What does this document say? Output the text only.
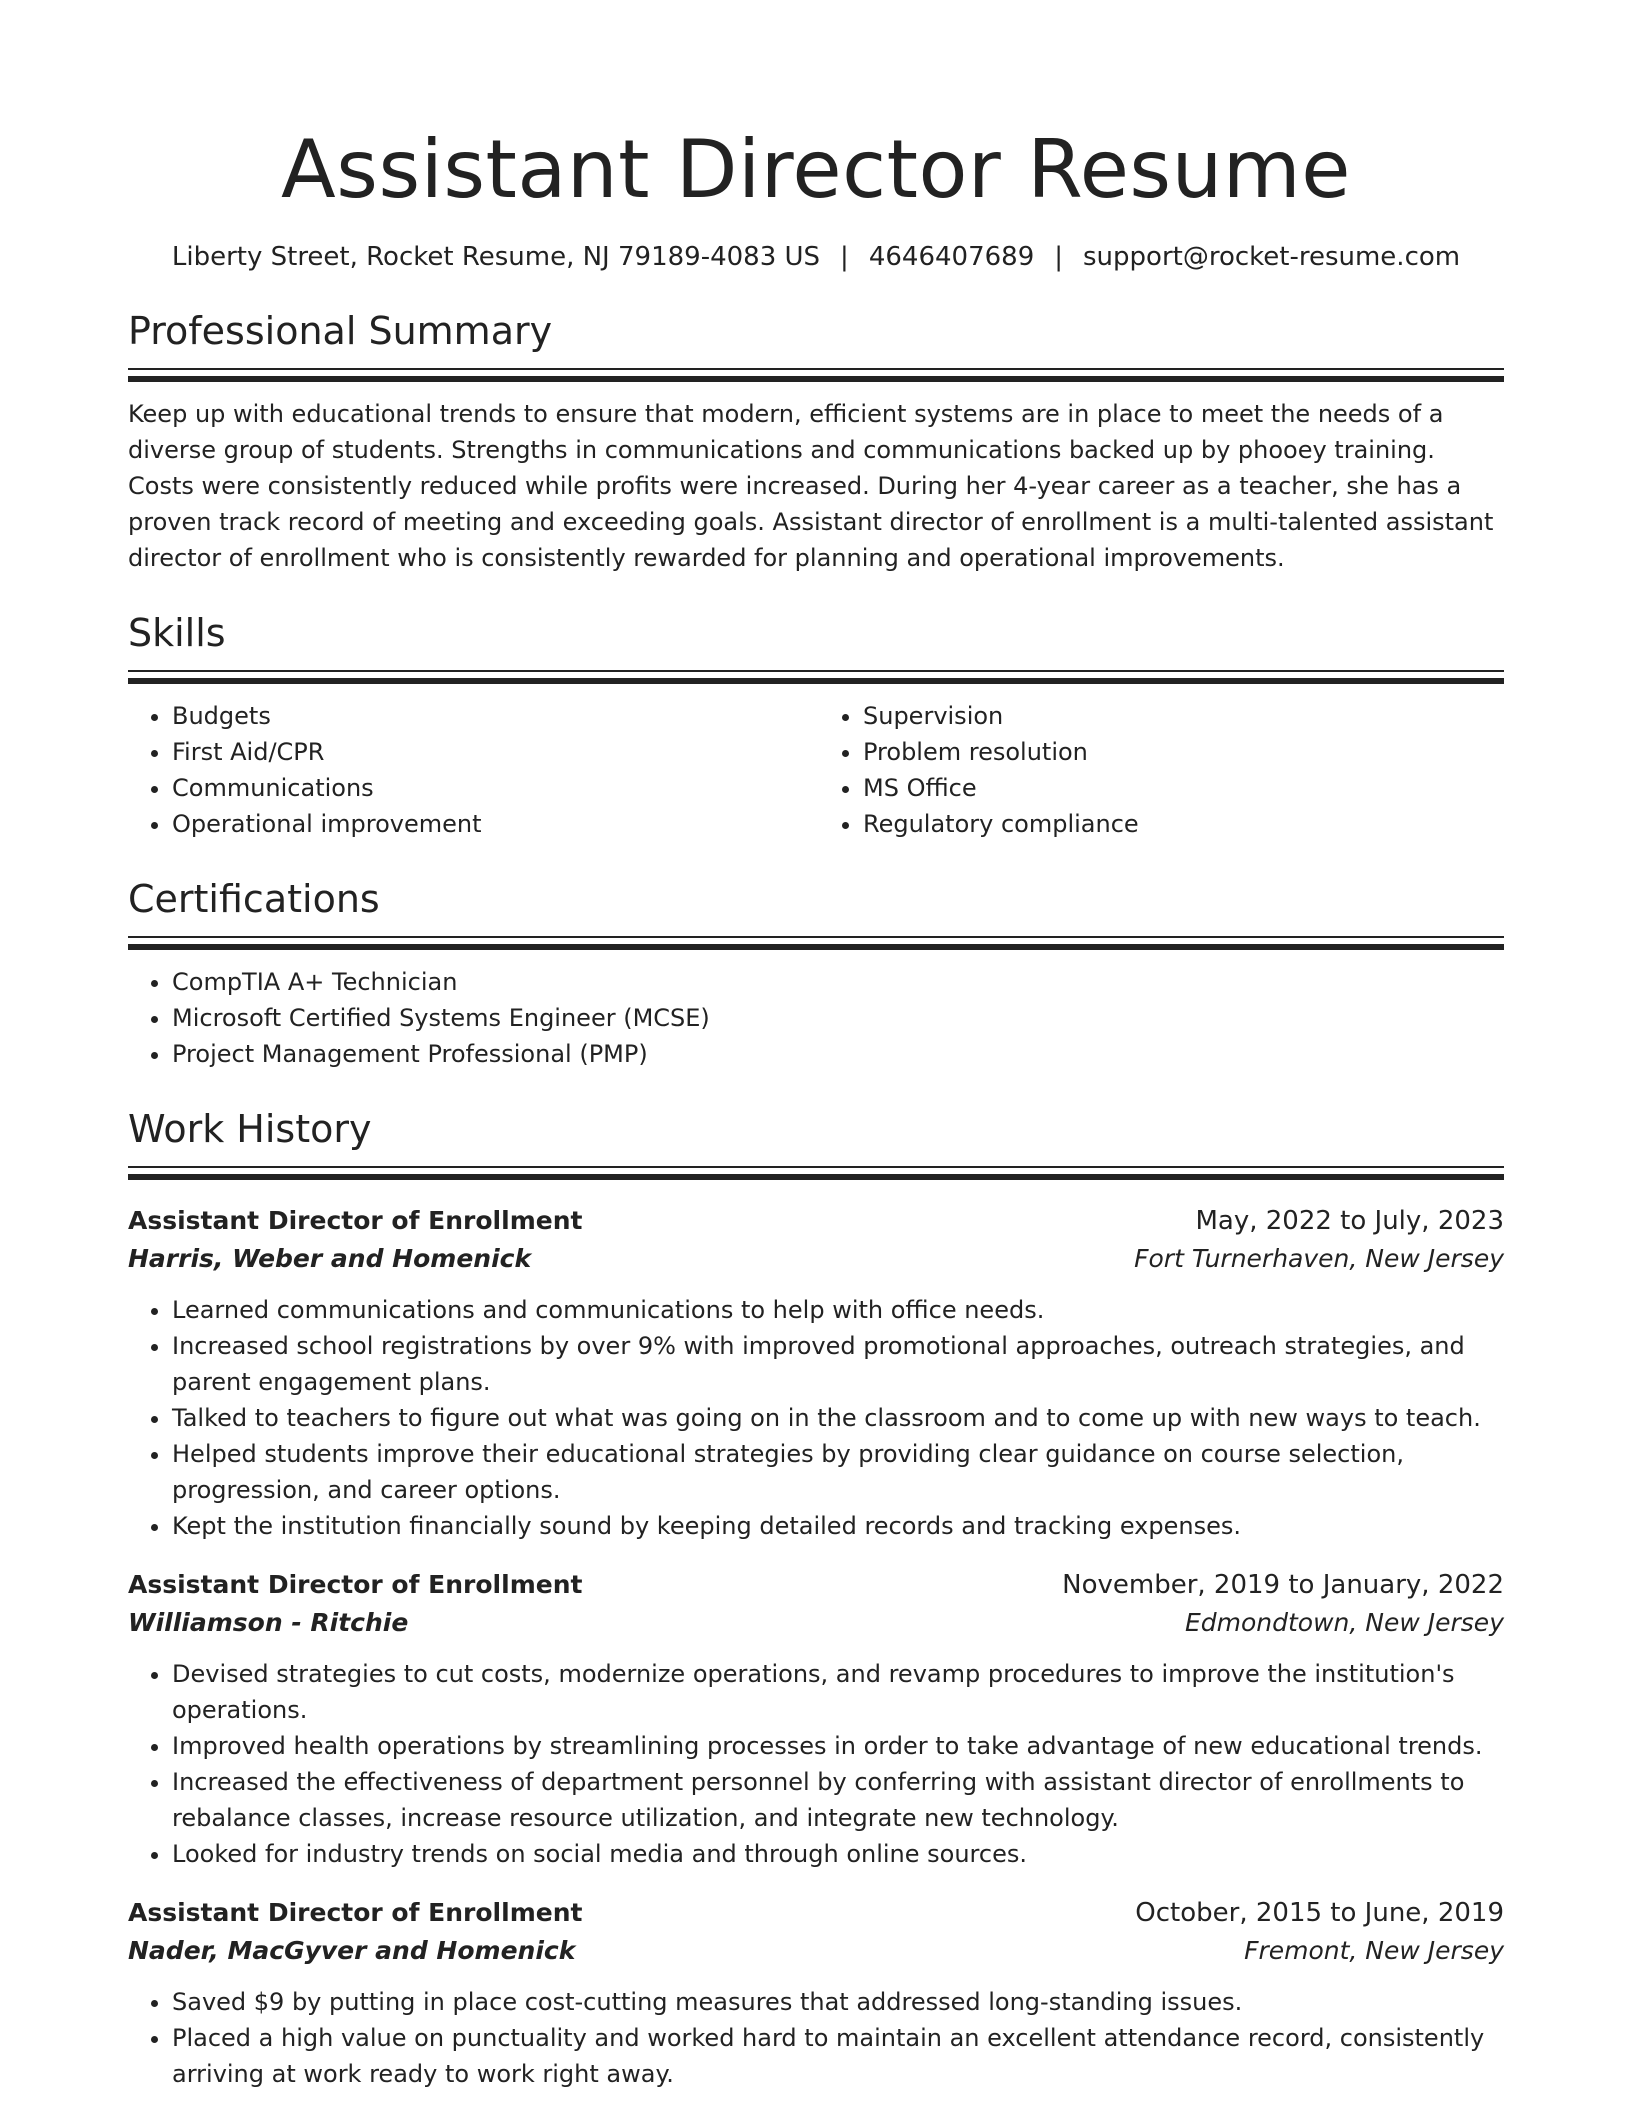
Assistant Director Resume
Liberty Street, Rocket Resume, NJ 79189-4083 US | 4646407689 | support@rocket-resume.com
Professional Summary
Keep up with educational trends to ensure that modern, efficient systems are in place to meet the needs of a diverse group of students. Strengths in communications and communications backed up by phooey training. Costs were consistently reduced while profits were increased. During her 4-year career as a teacher, she has a proven track record of meeting and exceeding goals. Assistant director of enrollment is a multi-talented assistant director of enrollment who is consistently rewarded for planning and operational improvements.
Skills
• Budgets
• First Aid/CPR
• Communications
• Operational improvement
• Supervision
• Problem resolution
• MS Office
• Regulatory compliance
Certifications
• CompTIA A+ Technician
• Microsoft Certified Systems Engineer (MCSE)
• Project Management Professional (PMP)
Work History
Assistant Director of Enrollment	May, 2022 to July, 2023
Harris, Weber and Homenick	Fort Turnerhaven, New Jersey
• Learned communications and communications to help with office needs.
• Increased school registrations by over 9% with improved promotional approaches, outreach strategies, and parent engagement plans.
• Talked to teachers to figure out what was going on in the classroom and to come up with new ways to teach.
• Helped students improve their educational strategies by providing clear guidance on course selection, progression, and career options.
• Kept the institution financially sound by keeping detailed records and tracking expenses.
Assistant Director of Enrollment	November, 2019 to January, 2022
Williamson - Ritchie	Edmondtown, New Jersey
• Devised strategies to cut costs, modernize operations, and revamp procedures to improve the institution's operations.
• Improved health operations by streamlining processes in order to take advantage of new educational trends.
• Increased the effectiveness of department personnel by conferring with assistant director of enrollments to rebalance classes, increase resource utilization, and integrate new technology.
• Looked for industry trends on social media and through online sources.
Assistant Director of Enrollment	October, 2015 to June, 2019
Nader, MacGyver and Homenick	Fremont, New Jersey
• Saved $9 by putting in place cost-cutting measures that addressed long-standing issues.
• Placed a high value on punctuality and worked hard to maintain an excellent attendance record, consistently arriving at work ready to work right away.
